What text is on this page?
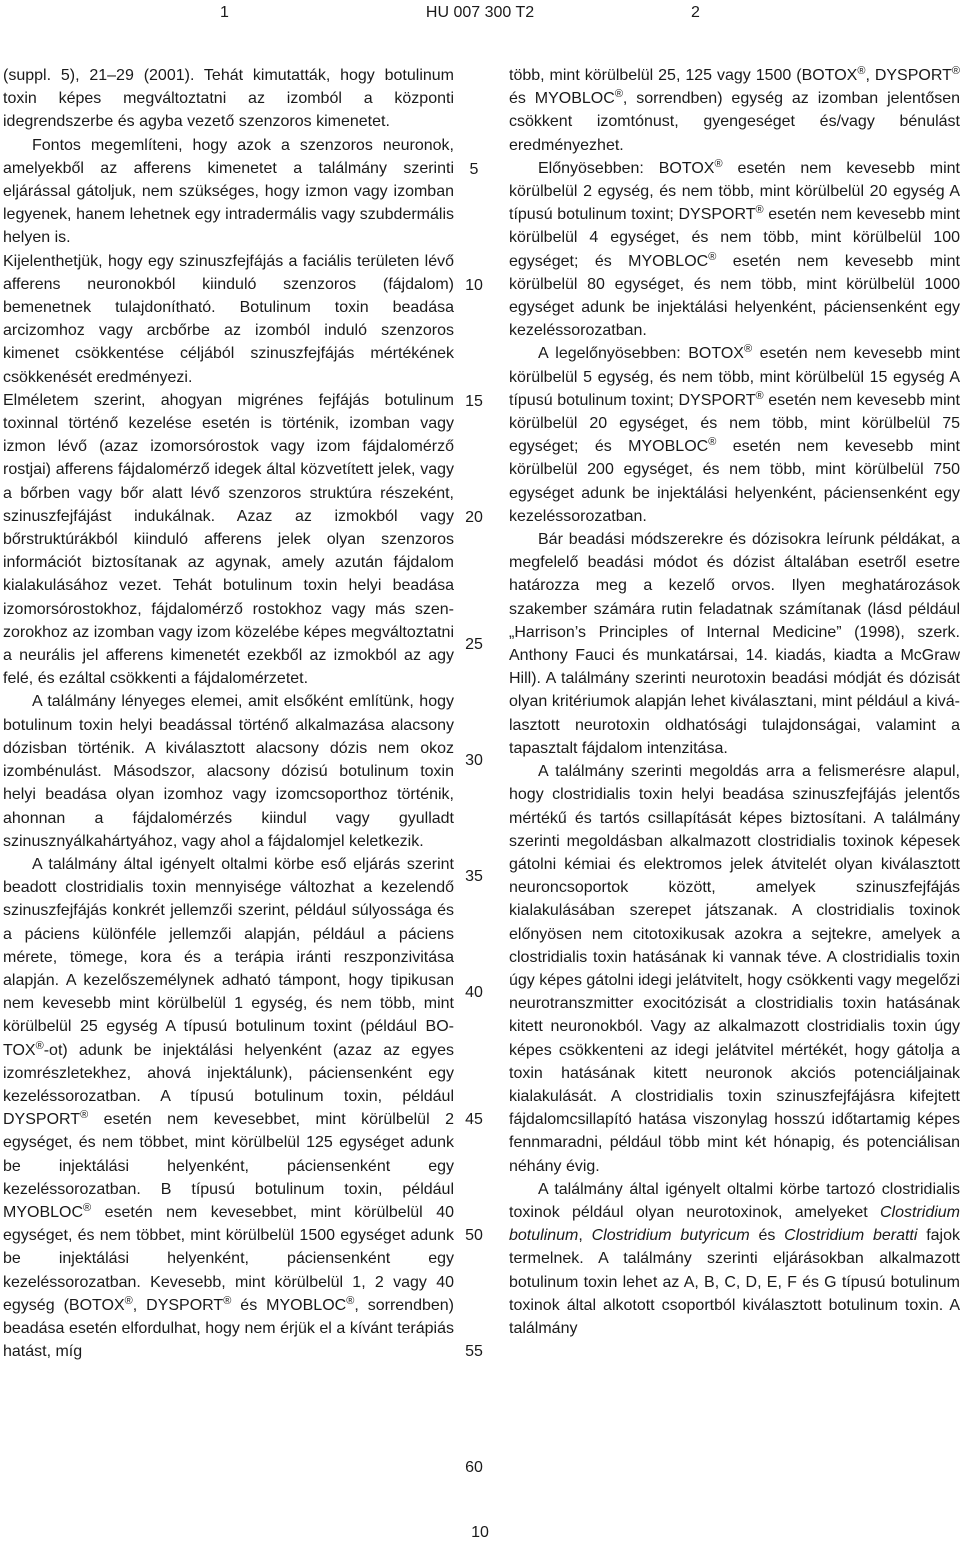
1	HU 007 300 T2	2

(suppl. 5), 21–29 (2001). Tehát kimutatták, hogy botulinum toxin képes megváltoztatni az izomból a központi idegrendszerbe és agyba vezető szenzoros kimenetet.

Fontos megemlíteni, hogy azok a szenzoros neuronok, amelyekből az afferens kimenetet a találmány szerinti eljárással gátoljuk, nem szükséges, hogy izmon vagy izomban legyenek, hanem lehetnek egy intradermális vagy szubdermális helyen is.

Kijelenthetjük, hogy egy szinuszfejfájás a faciális területen lévő afferens neuronokból kiinduló szenzoros (fájdalom) bemenetnek tulajdonítható. Botulinum toxin beadása arcizomhoz vagy arcbőrbe az izomból induló szenzoros kimenet csökkentése céljából szinuszfejfájás mértékének csökkenését eredményezi.

Elméletem szerint, ahogyan migrénes fejfájás botulinum toxinnal történő kezelése esetén is történik, izomban vagy izmon lévő (azaz izomorsórostok vagy izom fájdalomérző rostjai) afferens fájdalomérző idegek által közvetített jelek, vagy a bőrben vagy bőr alatt lévő szenzoros struktúra részeként, szinuszfejfájást indukálnak. Azaz az izmokból vagy bőrstruktúrákból kiinduló afferens jelek olyan szenzoros információt biztosítanak az agynak, amely azután fájdalom kialakulásához vezet. Tehát botulinum toxin helyi beadása izomorsórostokhoz, fájdalomérző rostokhoz vagy más szenzorokhoz az izomban vagy izom közelébe képes megváltoztatni a neurális jel afferens kimenetét ezekből az izmokból az agy felé, és ezáltal csökkenti a fájdalomérzetet.

A találmány lényeges elemei, amit elsőként említünk, hogy botulinum toxin helyi beadással történő alkalmazása alacsony dózisban történik. A kiválasztott alacsony dózis nem okoz izombénulást. Másodszor, alacsony dózisú botulinum toxin helyi beadása olyan izomhoz vagy izomcsoporthoz történik, ahonnan a fájdalomérzés kiindul vagy gyulladt szinusznyálkahártyához, vagy ahol a fájdalomjel keletkezik.

A találmány által igényelt oltalmi körbe eső eljárás szerint beadott clostridialis toxin mennyisége változhat a kezelendő szinuszfejfájás konkrét jellemzői szerint, például súlyossága és a páciens különféle jellemzői alapján, például a páciens mérete, tömege, kora és a terápia iránti reszponzivitása alapján. A kezelőszemélynek adható támpont, hogy tipikusan nem kevesebb mint körülbelül 1 egység, és nem több, mint körülbelül 25 egység A típusú botulinum toxint (például BOTOX®-ot) adunk be injektálási helyenként (azaz az egyes izomrészletekhez, ahová injektálunk), páciensenként egy kezeléssorozatban. A típusú botulinum toxin, például DYSPORT® esetén nem kevesebbet, mint körülbelül 2 egységet, és nem többet, mint körülbelül 125 egységet adunk be injektálási helyenként, páciensenként egy kezeléssorozatban. B típusú botulinum toxin, például MYOBLOC® esetén nem kevesebbet, mint körülbelül 40 egységet, és nem többet, mint körülbelül 1500 egységet adunk be injektálási helyenként, páciensenként egy kezeléssorozatban. Kevesebb, mint körülbelül 1, 2 vagy 40 egység (BOTOX®, DYSPORT® és MYOBLOC®, sorrendben) beadása esetén elfordulhat, hogy nem érjük el a kívánt terápiás hatást, míg

több, mint körülbelül 25, 125 vagy 1500 (BOTOX®, DYSPORT® és MYOBLOC®, sorrendben) egység az izomban jelentősen csökkent izomtónust, gyengeséget és/vagy bénulást eredményezhet.

Előnyösebben: BOTOX® esetén nem kevesebb mint körülbelül 2 egység, és nem több, mint körülbelül 20 egység A típusú botulinum toxint; DYSPORT® esetén nem kevesebb mint körülbelül 4 egységet, és nem több, mint körülbelül 100 egységet; és MYOBLOC® esetén nem kevesebb mint körülbelül 80 egységet, és nem több, mint körülbelül 1000 egységet adunk be injektálási helyenként, páciensenként egy kezeléssorozatban.

A legelőnyösebben: BOTOX® esetén nem kevesebb mint körülbelül 5 egység, és nem több, mint körülbelül 15 egység A típusú botulinum toxint; DYSPORT® esetén nem kevesebb mint körülbelül 20 egységet, és nem több, mint körülbelül 75 egységet; és MYOBLOC® esetén nem kevesebb mint körülbelül 200 egységet, és nem több, mint körülbelül 750 egységet adunk be injektálási helyenként, páciensenként egy kezeléssorozatban.

Bár beadási módszerekre és dózisokra leírunk példákat, a megfelelő beadási módot és dózist általában esetről esetre határozza meg a kezelő orvos. Ilyen meghatározások szakember számára rutin feladatnak számítanak (lásd például „Harrison’s Principles of Internal Medicine” (1998), szerk. Anthony Fauci és munkatársai, 14. kiadás, kiadta a McGraw Hill). A találmány szerinti neurotoxin beadási módját és dózisát olyan kritériumok alapján lehet kiválasztani, mint például a kiválasztott neurotoxin oldhatósági tulajdonságai, valamint a tapasztalt fájdalom intenzitása.

A találmány szerinti megoldás arra a felismerésre alapul, hogy clostridialis toxin helyi beadása szinuszfejfájás jelentős mértékű és tartós csillapítását képes biztosítani. A találmány szerinti megoldásban alkalmazott clostridialis toxinok képesek gátolni kémiai és elektromos jelek átvitelét olyan kiválasztott neuroncsoportok között, amelyek szinuszfejfájás kialakulásában szerepet játszanak. A clostridialis toxinok előnyösen nem citotoxikusak azokra a sejtekre, amelyek a clostridialis toxin hatásának ki vannak téve. A clostridialis toxin úgy képes gátolni idegi jelátvitelt, hogy csökkenti vagy megelőzi neurotranszmitter exocitózisát a clostridialis toxin hatásának kitett neuronokból. Vagy az alkalmazott clostridialis toxin úgy képes csökkenteni az idegi jelátvitel mértékét, hogy gátolja a toxin hatásának kitett neuronok akciós potenciáljainak kialakulását. A clostridialis toxin szinuszfejfájásra kifejtett fájdalomcsillapító hatása viszonylag hosszú időtartamig képes fennmaradni, például több mint két hónapig, és potenciálisan néhány évig.

A találmány által igényelt oltalmi körbe tartozó clostridialis toxinok például olyan neurotoxinok, amelyeket Clostridium botulinum, Clostridium butyricum és Clostridium beratti fajok termelnek. A találmány szerinti eljárásokban alkalmazott botulinum toxin lehet az A, B, C, D, E, F és G típusú botulinum toxinok által alkotott csoportból kiválasztott botulinum toxin. A találmány

5
10
15
20
25
30
35
40
45
50
55
60
10
